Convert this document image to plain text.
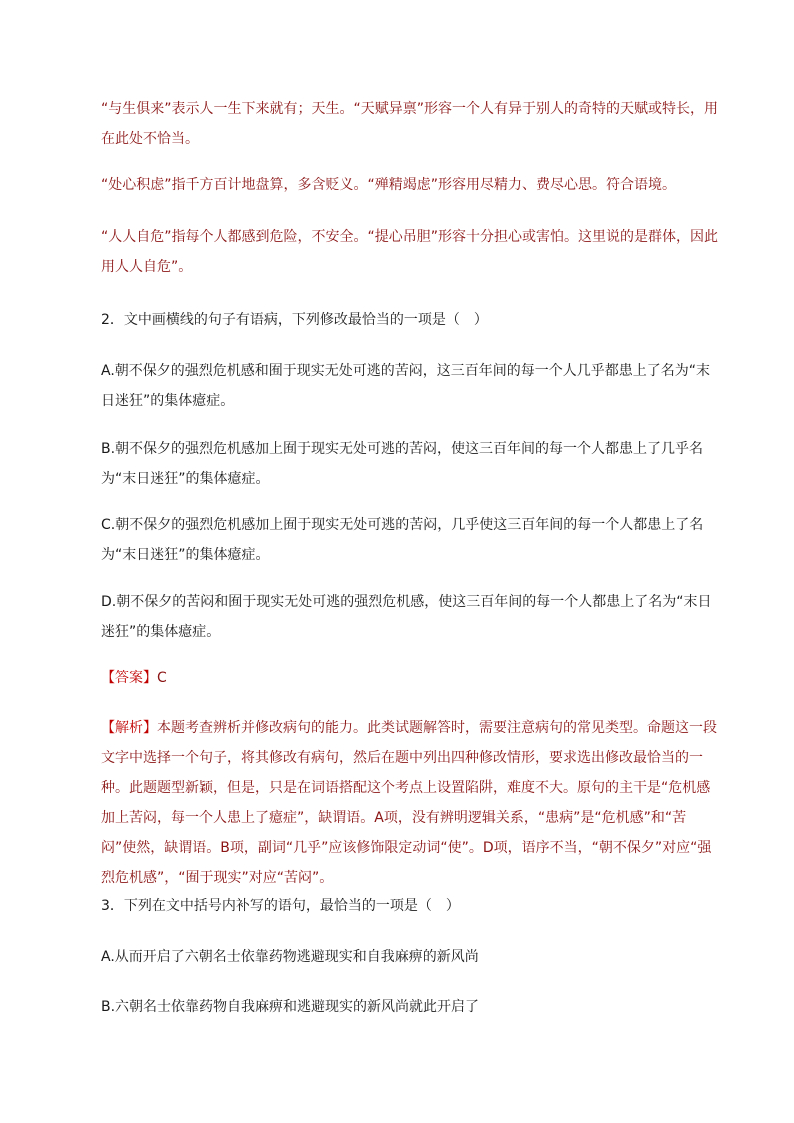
“与生俱来”表示人一生下来就有；天生。“天赋异禀”形容一个人有异于别人的奇特的天赋或特长，用在此处不恰当。

“处心积虑”指千方百计地盘算，多含贬义。“殚精竭虑”形容用尽精力、费尽心思。符合语境。

“人人自危”指每个人都感到危险，不安全。“提心吊胆”形容十分担心或害怕。这里说的是群体，因此用人人自危”。

2．文中画横线的句子有语病，下列修改最恰当的一项是（　）

A.朝不保夕的强烈危机感和囿于现实无处可逃的苦闷，这三百年间的每一个人几乎都患上了名为“末日迷狂”的集体癔症。

B.朝不保夕的强烈危机感加上囿于现实无处可逃的苦闷，使这三百年间的每一个人都患上了几乎名为“末日迷狂”的集体癔症。

C.朝不保夕的强烈危机感加上囿于现实无处可逃的苦闷，几乎使这三百年间的每一个人都患上了名为“末日迷狂”的集体癔症。

D.朝不保夕的苦闷和囿于现实无处可逃的强烈危机感，使这三百年间的每一个人都患上了名为“末日迷狂”的集体癔症。

【答案】C

【解析】本题考查辨析并修改病句的能力。此类试题解答时，需要注意病句的常见类型。命题这一段文字中选择一个句子，将其修改有病句，然后在题中列出四种修改情形，要求选出修改最恰当的一种。此题题型新颖，但是，只是在词语搭配这个考点上设置陷阱，难度不大。原句的主干是“危机感加上苦闷，每一个人患上了癔症”，缺谓语。A项，没有辨明逻辑关系，“患病”是“危机感”和“苦闷”使然，缺谓语。B项，副词“几乎”应该修饰限定动词“使”。D项，语序不当，“朝不保夕”对应“强烈危机感”，“囿于现实”对应“苦闷”。

3．下列在文中括号内补写的语句，最恰当的一项是（　）

A.从而开启了六朝名士依靠药物逃避现实和自我麻痹的新风尚

B.六朝名士依靠药物自我麻痹和逃避现实的新风尚就此开启了
